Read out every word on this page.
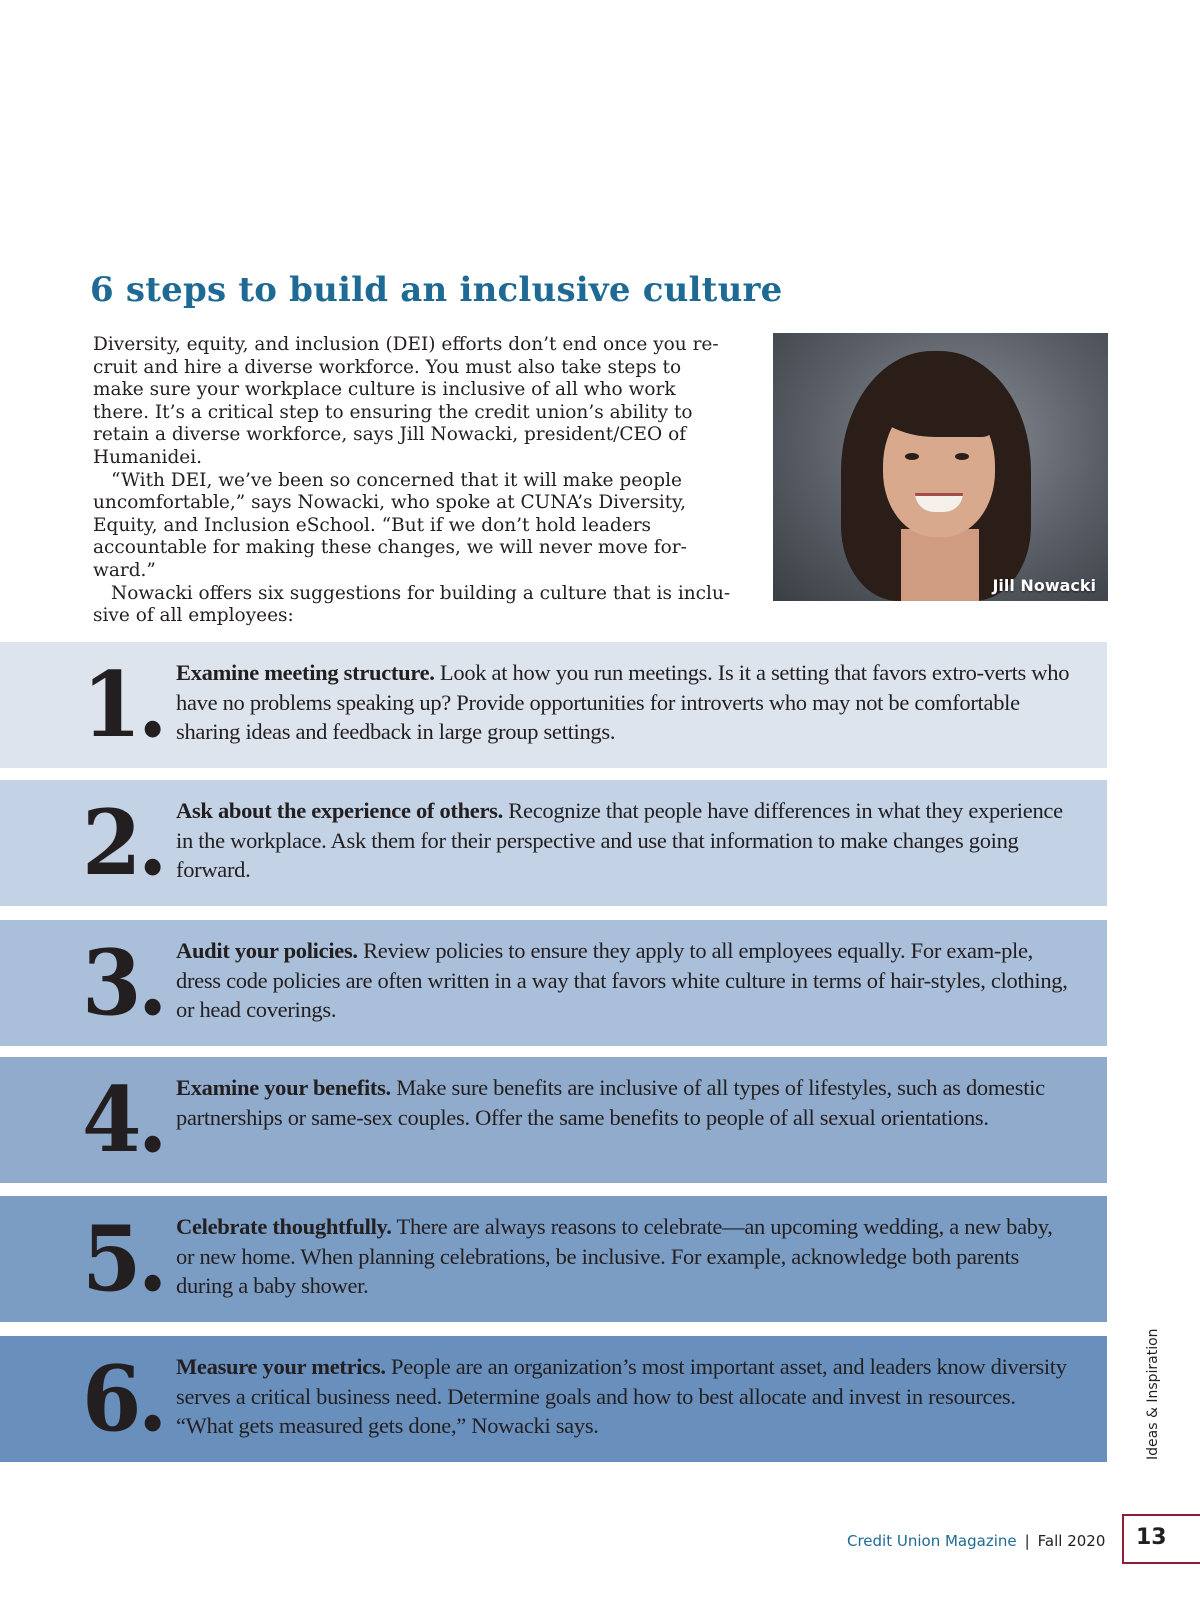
6 steps to build an inclusive culture

Diversity, equity, and inclusion (DEI) efforts don’t end once you re-cruit and hire a diverse workforce. You must also take steps to make sure your workplace culture is inclusive of all who work there. It’s a critical step to ensuring the credit union’s ability to retain a diverse workforce, says Jill Nowacki, president/CEO of Humanidei.

“With DEI, we’ve been so concerned that it will make people uncomfortable,” says Nowacki, who spoke at CUNA’s Diversity, Equity, and Inclusion eSchool. “But if we don’t hold leaders accountable for making these changes, we will never move for-ward.”

Nowacki offers six suggestions for building a culture that is inclu-sive of all employees:

Jill Nowacki
1. Examine meeting structure. Look at how you run meetings. Is it a setting that favors extro-verts who have no problems speaking up? Provide opportunities for introverts who may not be comfortable sharing ideas and feedback in large group settings.
2. Ask about the experience of others. Recognize that people have differences in what they experience in the workplace. Ask them for their perspective and use that information to make changes going forward.
3. Audit your policies. Review policies to ensure they apply to all employees equally. For exam-ple, dress code policies are often written in a way that favors white culture in terms of hair-styles, clothing, or head coverings.
4. Examine your benefits. Make sure benefits are inclusive of all types of lifestyles, such as domestic partnerships or same-sex couples. Offer the same benefits to people of all sexual orientations.
5. Celebrate thoughtfully. There are always reasons to celebrate—an upcoming wedding, a new baby, or new home. When planning celebrations, be inclusive. For example, acknowledge both parents during a baby shower.
6. Measure your metrics. People are an organization’s most important asset, and leaders know diversity serves a critical business need. Determine goals and how to best allocate and invest in resources. “What gets measured gets done,” Nowacki says.	Ideas & Inspiration
Credit Union Magazine | Fall 2020 13
